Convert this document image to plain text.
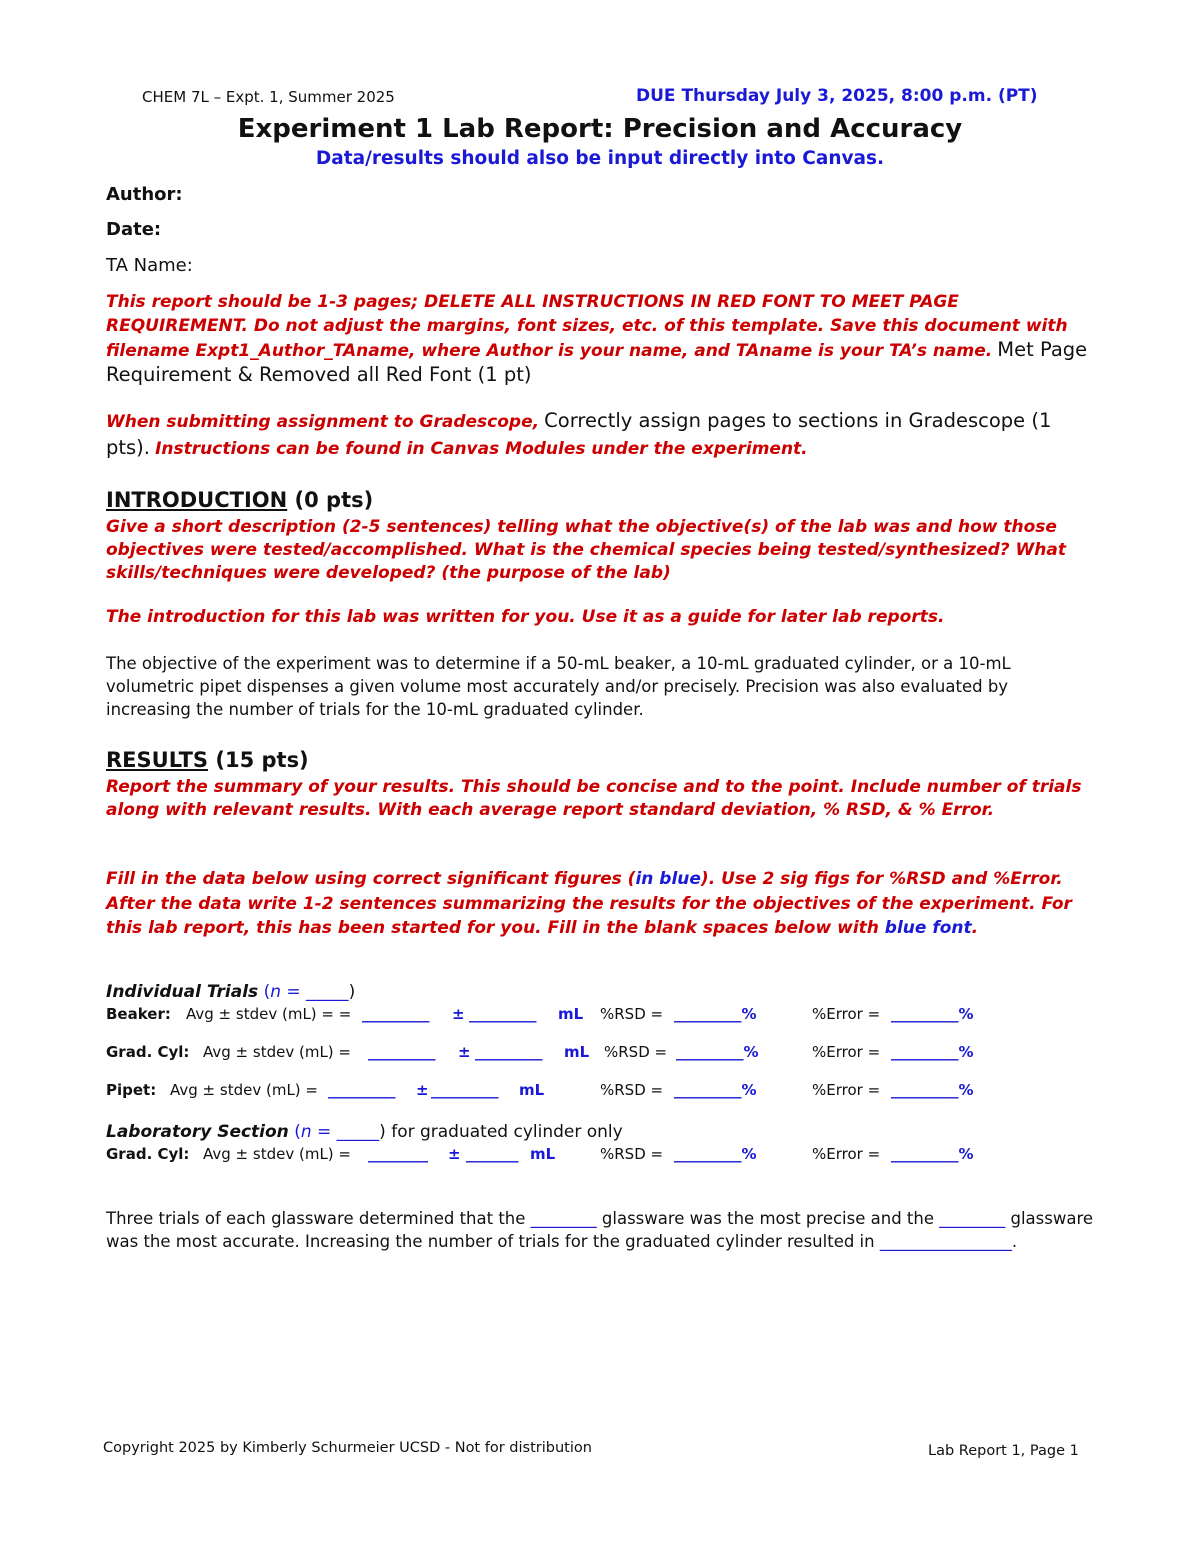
CHEM 7L – Expt. 1, Summer 2025	DUE Thursday July 3, 2025, 8:00 p.m. (PT)
Experiment 1 Lab Report: Precision and Accuracy
Data/results should also be input directly into Canvas.
Author:
Date:
TA Name:
This report should be 1-3 pages; DELETE ALL INSTRUCTIONS IN RED FONT TO MEET PAGE REQUIREMENT. Do not adjust the margins, font sizes, etc. of this template. Save this document with filename Expt1_Author_TAname, where Author is your name, and TAname is your TA’s name. Met Page Requirement & Removed all Red Font (1 pt)
When submitting assignment to Gradescope, Correctly assign pages to sections in Gradescope (1 pts). Instructions can be found in Canvas Modules under the experiment.
INTRODUCTION (0 pts)
Give a short description (2-5 sentences) telling what the objective(s) of the lab was and how those objectives were tested/accomplished. What is the chemical species being tested/synthesized? What skills/techniques were developed? (the purpose of the lab)
The introduction for this lab was written for you. Use it as a guide for later lab reports.
The objective of the experiment was to determine if a 50-mL beaker, a 10-mL graduated cylinder, or a 10-mL volumetric pipet dispenses a given volume most accurately and/or precisely. Precision was also evaluated by increasing the number of trials for the 10-mL graduated cylinder.
RESULTS (15 pts)
Report the summary of your results. This should be concise and to the point. Include number of trials along with relevant results. With each average report standard deviation, % RSD, & % Error.
Fill in the data below using correct significant figures (in blue). Use 2 sig figs for %RSD and %Error. After the data write 1-2 sentences summarizing the results for the objectives of the experiment. For this lab report, this has been started for you. Fill in the blank spaces below with blue font.
Individual Trials (n = _____)
Beaker: Avg ± stdev (mL) = = _________ ± _________ mL %RSD = _________%	%Error = _________%
Grad. Cyl: Avg ± stdev (mL) = _________ ± _________ mL %RSD = _________%	%Error = _________%
Pipet: Avg ± stdev (mL) = _________ ± _________ mL	%RSD = _________%	%Error = _________%
Laboratory Section (n = _____) for graduated cylinder only
Grad. Cyl: Avg ± stdev (mL) = ________ ± _______ mL	%RSD = _________%	%Error = _________%
Three trials of each glassware determined that the ________ glassware was the most precise and the ________ glassware was the most accurate. Increasing the number of trials for the graduated cylinder resulted in ________________.
Copyright 2025 by Kimberly Schurmeier UCSD - Not for distribution	Lab Report 1, Page 1
